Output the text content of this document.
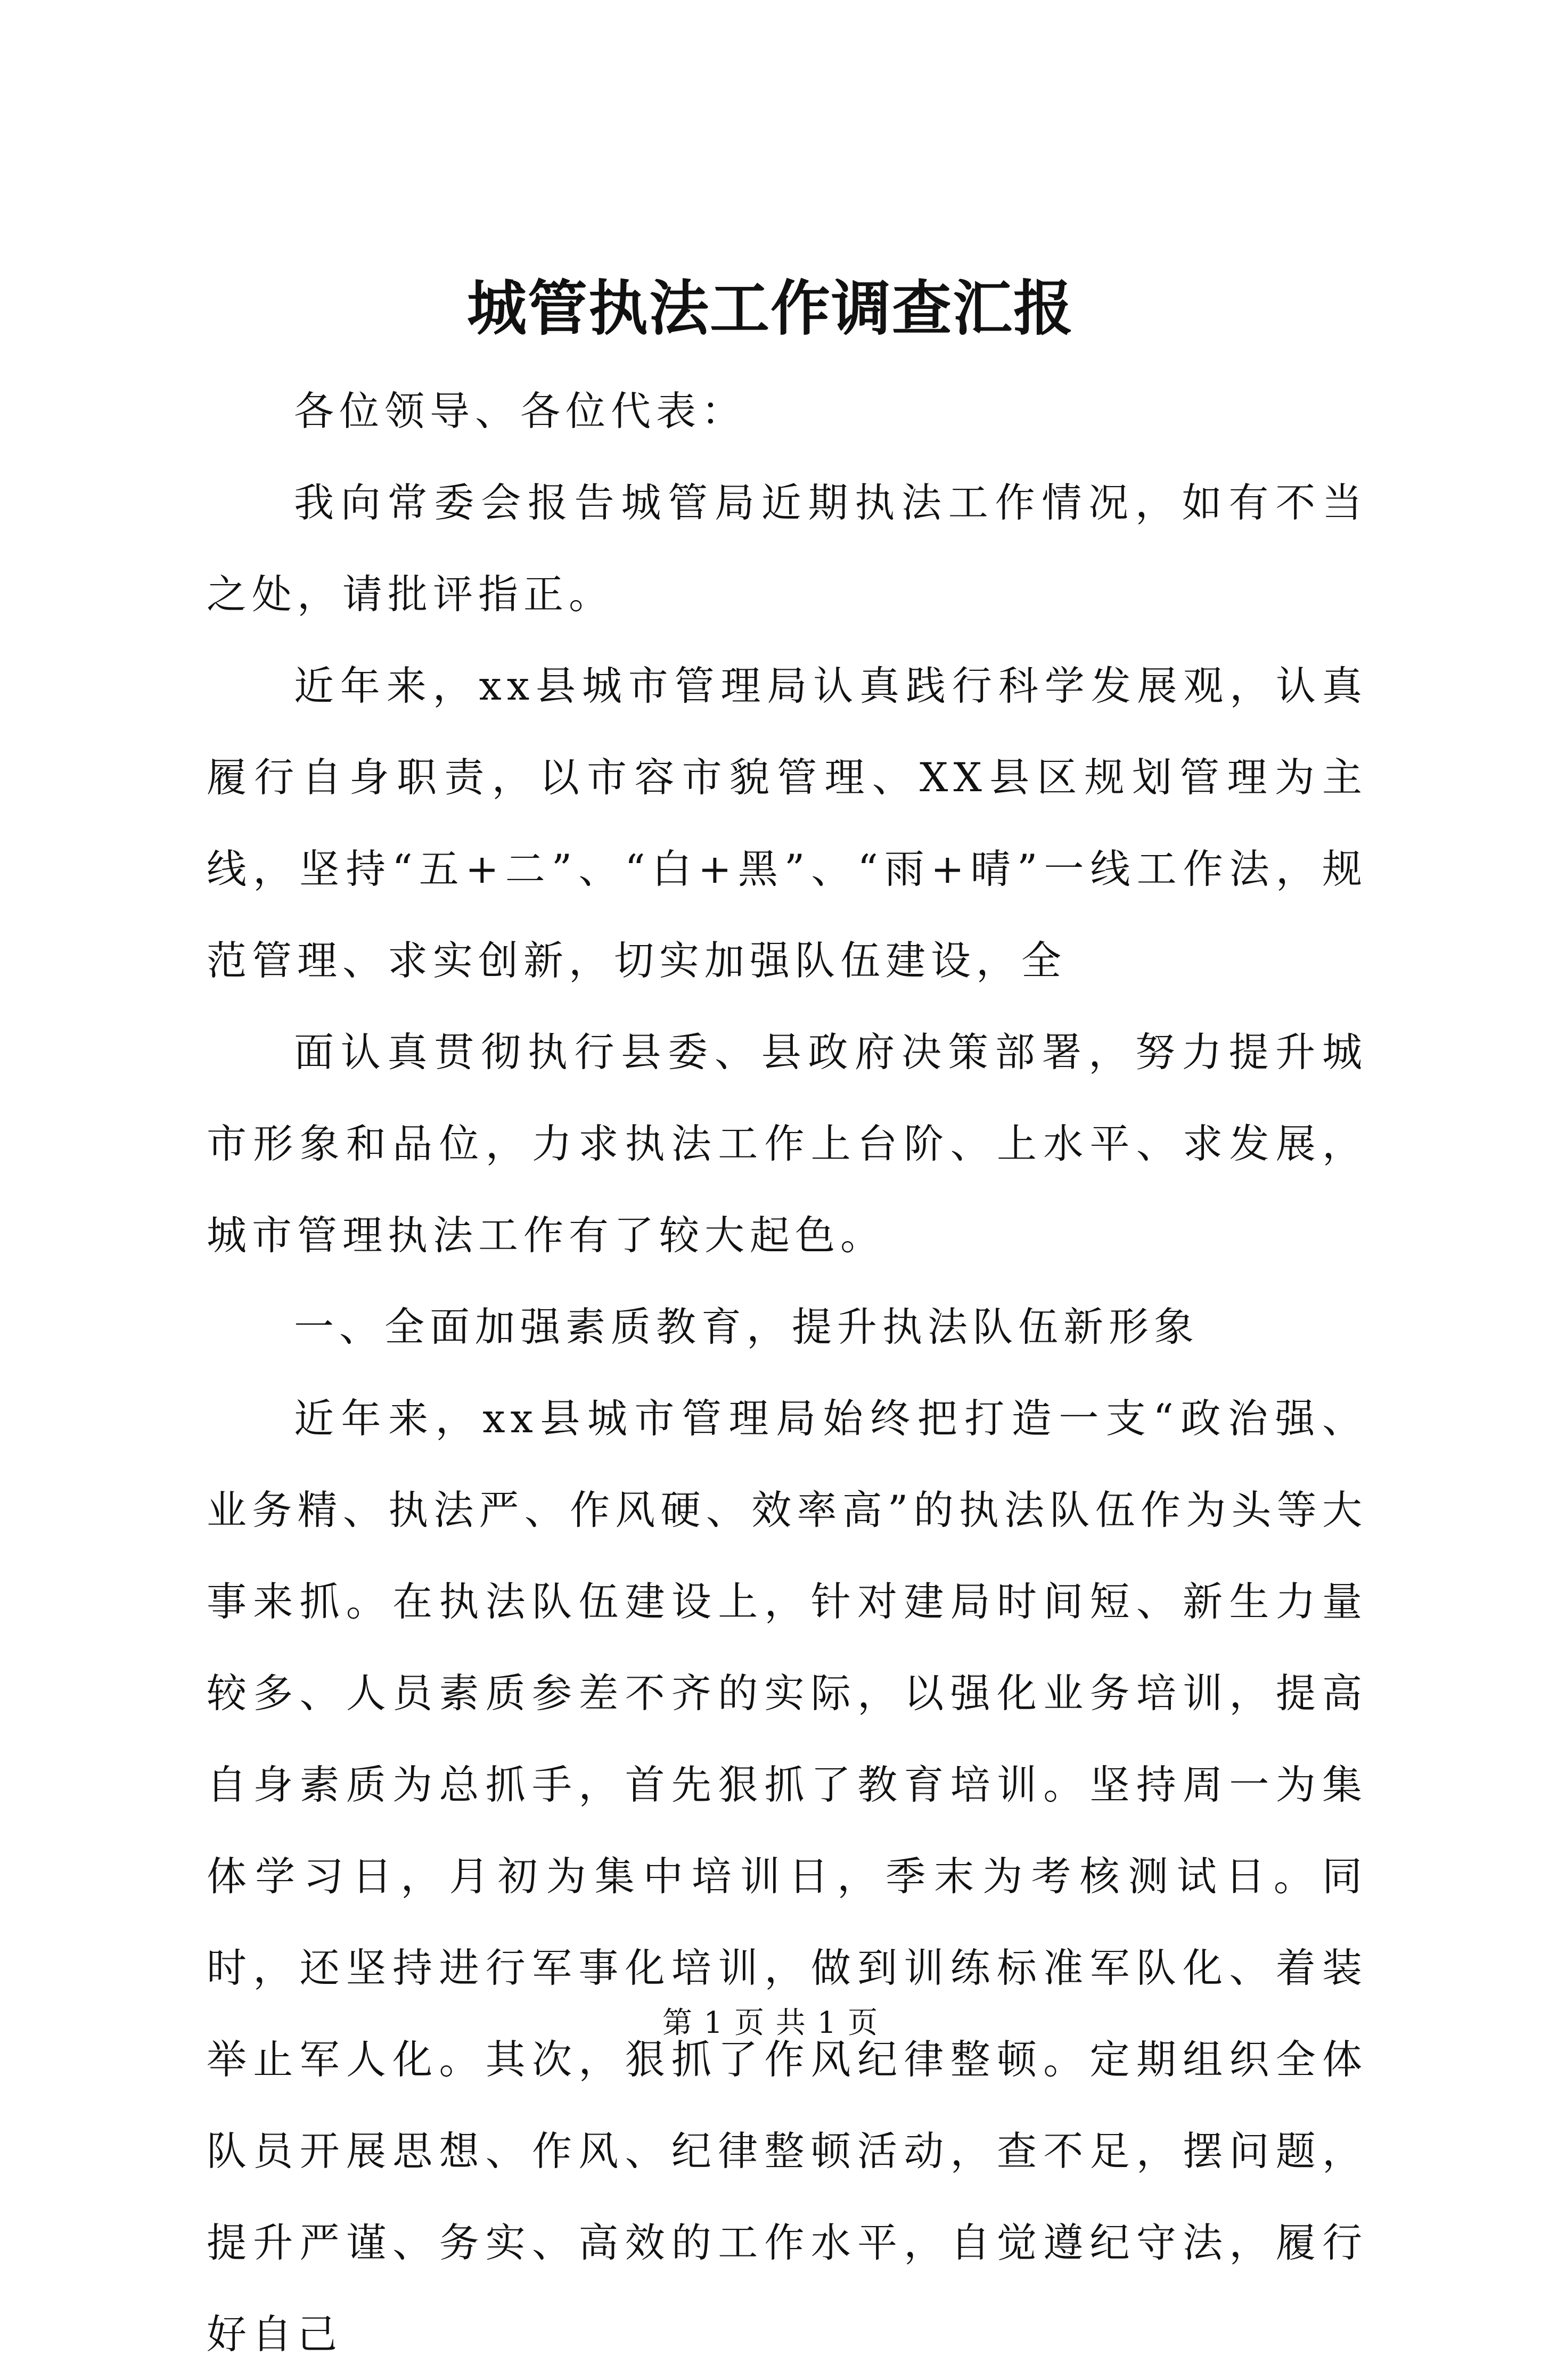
城管执法工作调查汇报

各位领导、各位代表：

我向常委会报告城管局近期执法工作情况，如有不当之处，请批评指正。

近年来，xx县城市管理局认真践行科学发展观，认真履行自身职责，以市容市貌管理、XX县区规划管理为主线，坚持“五+二”、“白+黑”、“雨+晴”一线工作法，规范管理、求实创新，切实加强队伍建设，全

面认真贯彻执行县委、县政府决策部署，努力提升城市形象和品位，力求执法工作上台阶、上水平、求发展，城市管理执法工作有了较大起色。

一、全面加强素质教育，提升执法队伍新形象

近年来，xx县城市管理局始终把打造一支“政治强、业务精、执法严、作风硬、效率高”的执法队伍作为头等大事来抓。在执法队伍建设上，针对建局时间短、新生力量较多、人员素质参差不齐的实际，以强化业务培训，提高自身素质为总抓手，首先狠抓了教育培训。坚持周一为集体学习日，月初为集中培训日，季末为考核测试日。同时，还坚持进行军事化培训，做到训练标准军队化、着装举止军人化。其次，狠抓了作风纪律整顿。定期组织全体队员开展思想、作风、纪律整顿活动，查不足，摆问题，提升严谨、务实、高效的工作水平，自觉遵纪守法，履行好自己

第 1 页 共 1 页
